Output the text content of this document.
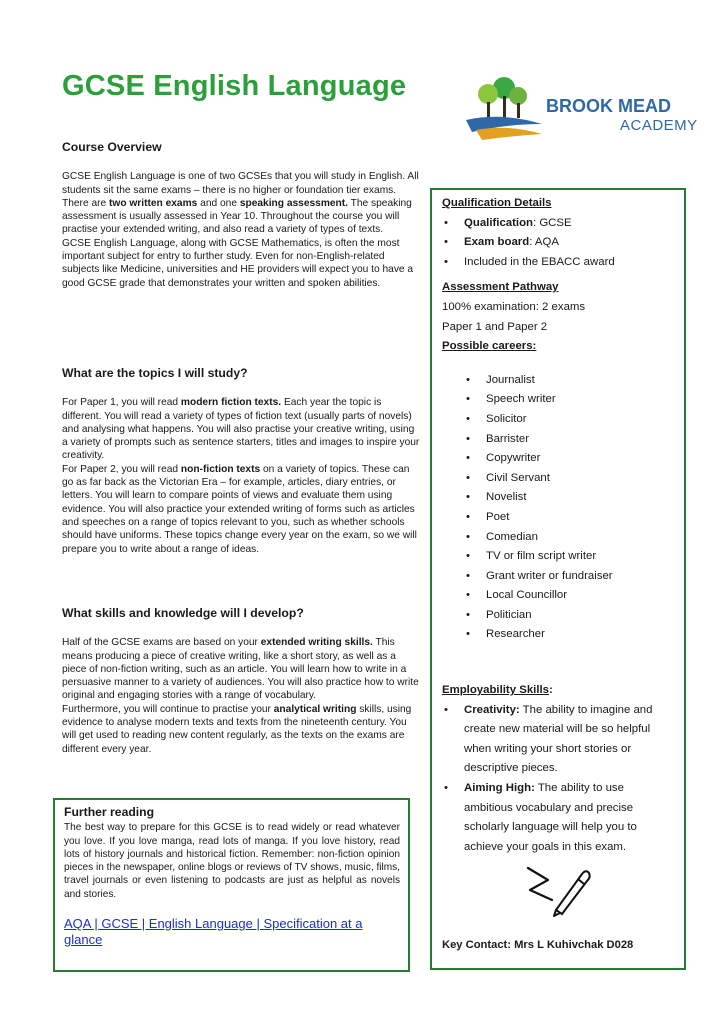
GCSE English Language
BROOK MEAD
ACADEMY
Course Overview

GCSE English Language is one of two GCSEs that you will study in English. All students sit the same exams – there is no higher or foundation tier exams.

There are two written exams and one speaking assessment. The speaking assessment is usually assessed in Year 10. Throughout the course you will practise your extended writing, and also read a variety of types of texts.

GCSE English Language, along with GCSE Mathematics, is often the most important subject for entry to further study. Even for non-English-related subjects like Medicine, universities and HE providers will expect you to have a good GCSE grade that demonstrates your written and spoken abilities.

What are the topics I will study?

For Paper 1, you will read modern fiction texts. Each year the topic is different. You will read a variety of types of fiction text (usually parts of novels) and analysing what happens. You will also practise your creative writing, using a variety of prompts such as sentence starters, titles and images to inspire your creativity.

For Paper 2, you will read non-fiction texts on a variety of topics. These can go as far back as the Victorian Era – for example, articles, diary entries, or letters. You will learn to compare points of views and evaluate them using evidence. You will also practice your extended writing of forms such as articles and speeches on a range of topics relevant to you, such as whether schools should have uniforms. These topics change every year on the exam, so we will prepare you to write about a range of ideas.

What skills and knowledge will I develop?

Half of the GCSE exams are based on your extended writing skills. This means producing a piece of creative writing, like a short story, as well as a piece of non-fiction writing, such as an article. You will learn how to write in a persuasive manner to a variety of audiences. You will also practice how to write original and engaging stories with a range of vocabulary.

Furthermore, you will continue to practise your analytical writing skills, using evidence to analyse modern texts and texts from the nineteenth century. You will get used to reading new content regularly, as the texts on the exams are different every year.

Further reading

The best way to prepare for this GCSE is to read widely or read whatever you love. If you love manga, read lots of manga. If you love history, read lots of history journals and historical fiction. Remember: non-fiction opinion pieces in the newspaper, online blogs or reviews of TV shows, music, films, travel journals or even listening to podcasts are just as helpful as novels and stories.

AQA | GCSE | English Language | Specification at a glance

Qualification Details

• Qualification: GCSE
• Exam board: AQA
• Included in the EBACC award

Assessment Pathway

100% examination: 2 exams

Paper 1 and Paper 2

Possible careers:

• Journalist
• Speech writer
• Solicitor
• Barrister
• Copywriter
• Civil Servant
• Novelist
• Poet
• Comedian
• TV or film script writer
• Grant writer or fundraiser
• Local Councillor
• Politician
• Researcher

Employability Skills:

• Creativity: The ability to imagine and create new material will be so helpful when writing your short stories or descriptive pieces.
• Aiming High: The ability to use ambitious vocabulary and precise scholarly language will help you to achieve your goals in this exam.
Key Contact: Mrs L Kuhivchak D028
